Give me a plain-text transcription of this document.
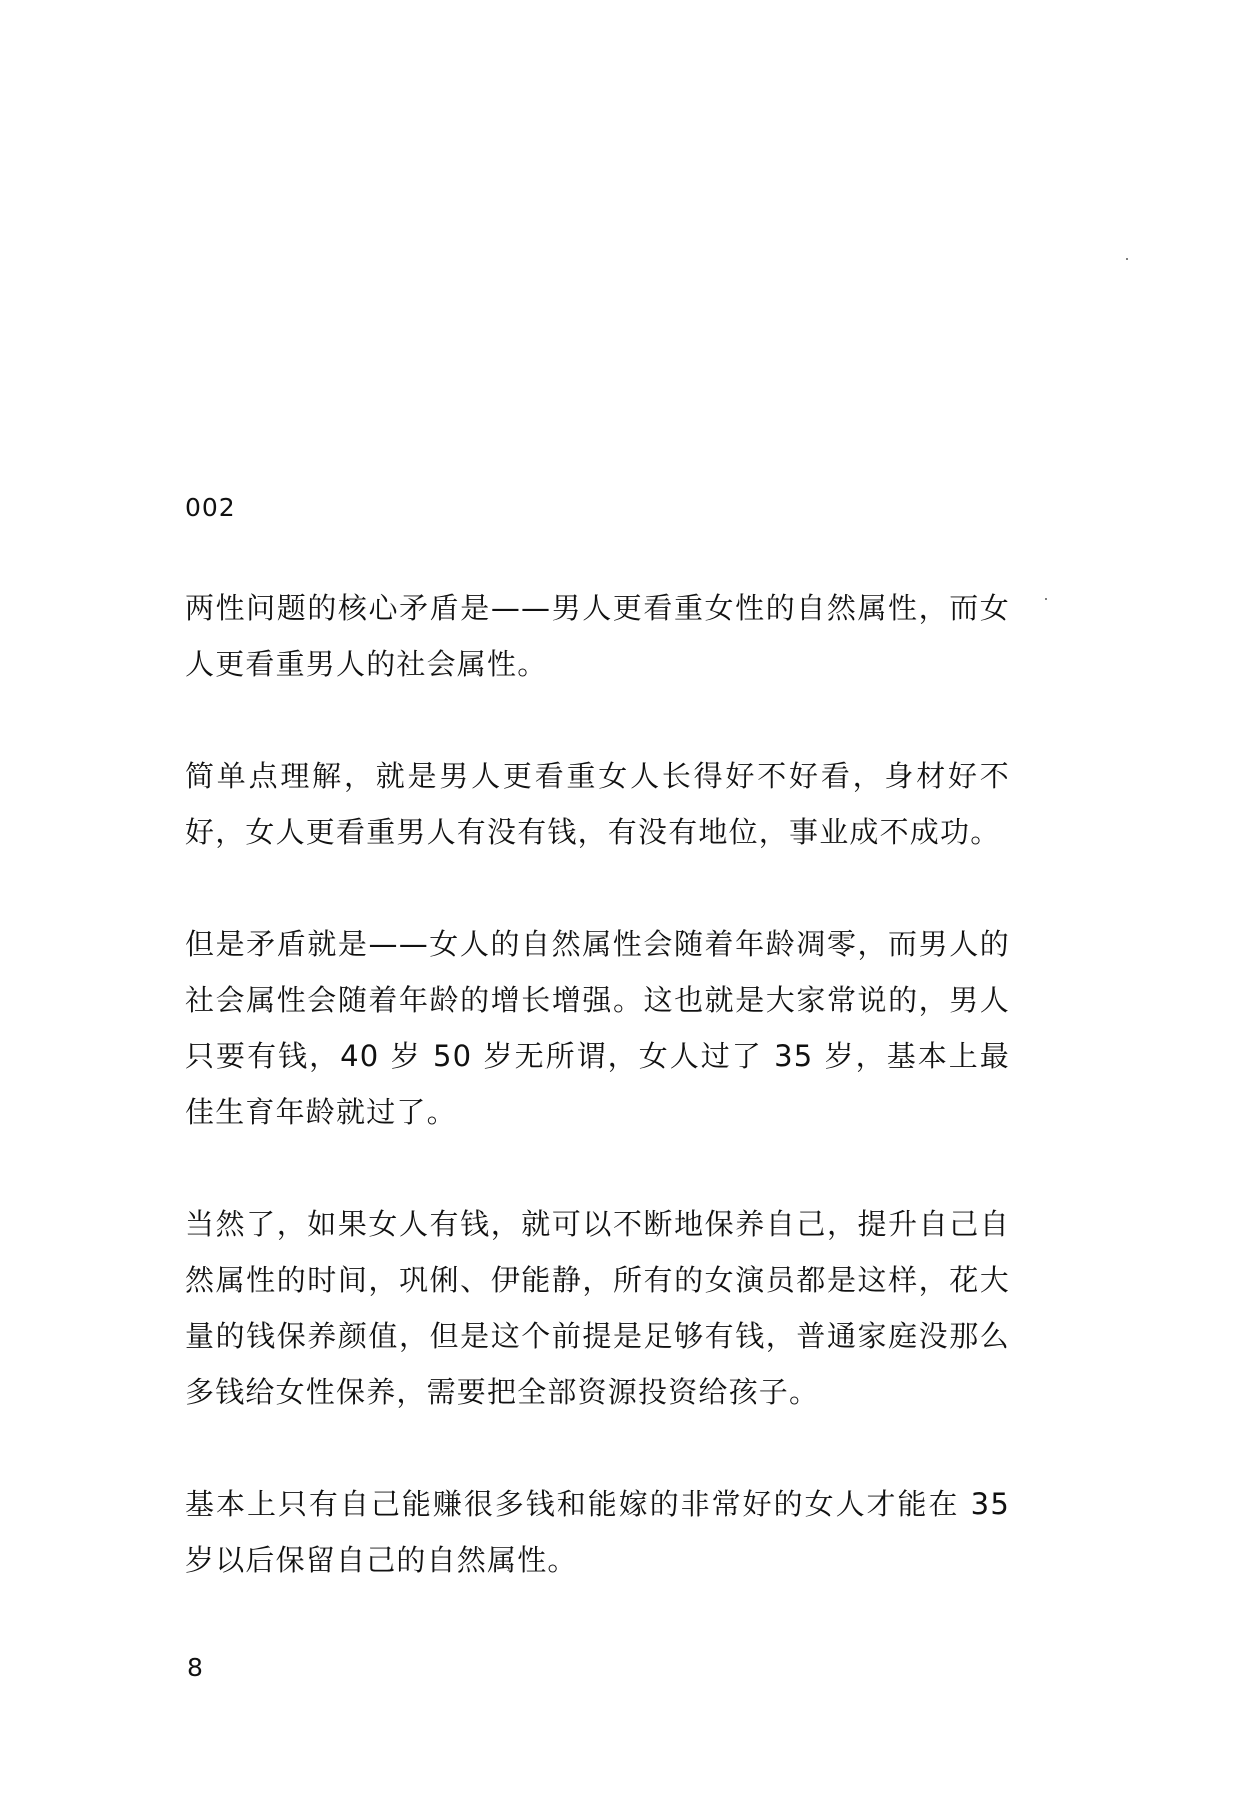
002

两性问题的核心矛盾是——男人更看重女性的自然属性，而女人更看重男人的社会属性。

简单点理解，就是男人更看重女人长得好不好看，身材好不好，女人更看重男人有没有钱，有没有地位，事业成不成功。

但是矛盾就是——女人的自然属性会随着年龄凋零，而男人的社会属性会随着年龄的增长增强。这也就是大家常说的，男人只要有钱，40 岁 50 岁无所谓，女人过了 35 岁，基本上最佳生育年龄就过了。

当然了，如果女人有钱，就可以不断地保养自己，提升自己自然属性的时间，巩俐、伊能静，所有的女演员都是这样，花大量的钱保养颜值，但是这个前提是足够有钱，普通家庭没那么多钱给女性保养，需要把全部资源投资给孩子。

基本上只有自己能赚很多钱和能嫁的非常好的女人才能在 35 岁以后保留自己的自然属性。

8
